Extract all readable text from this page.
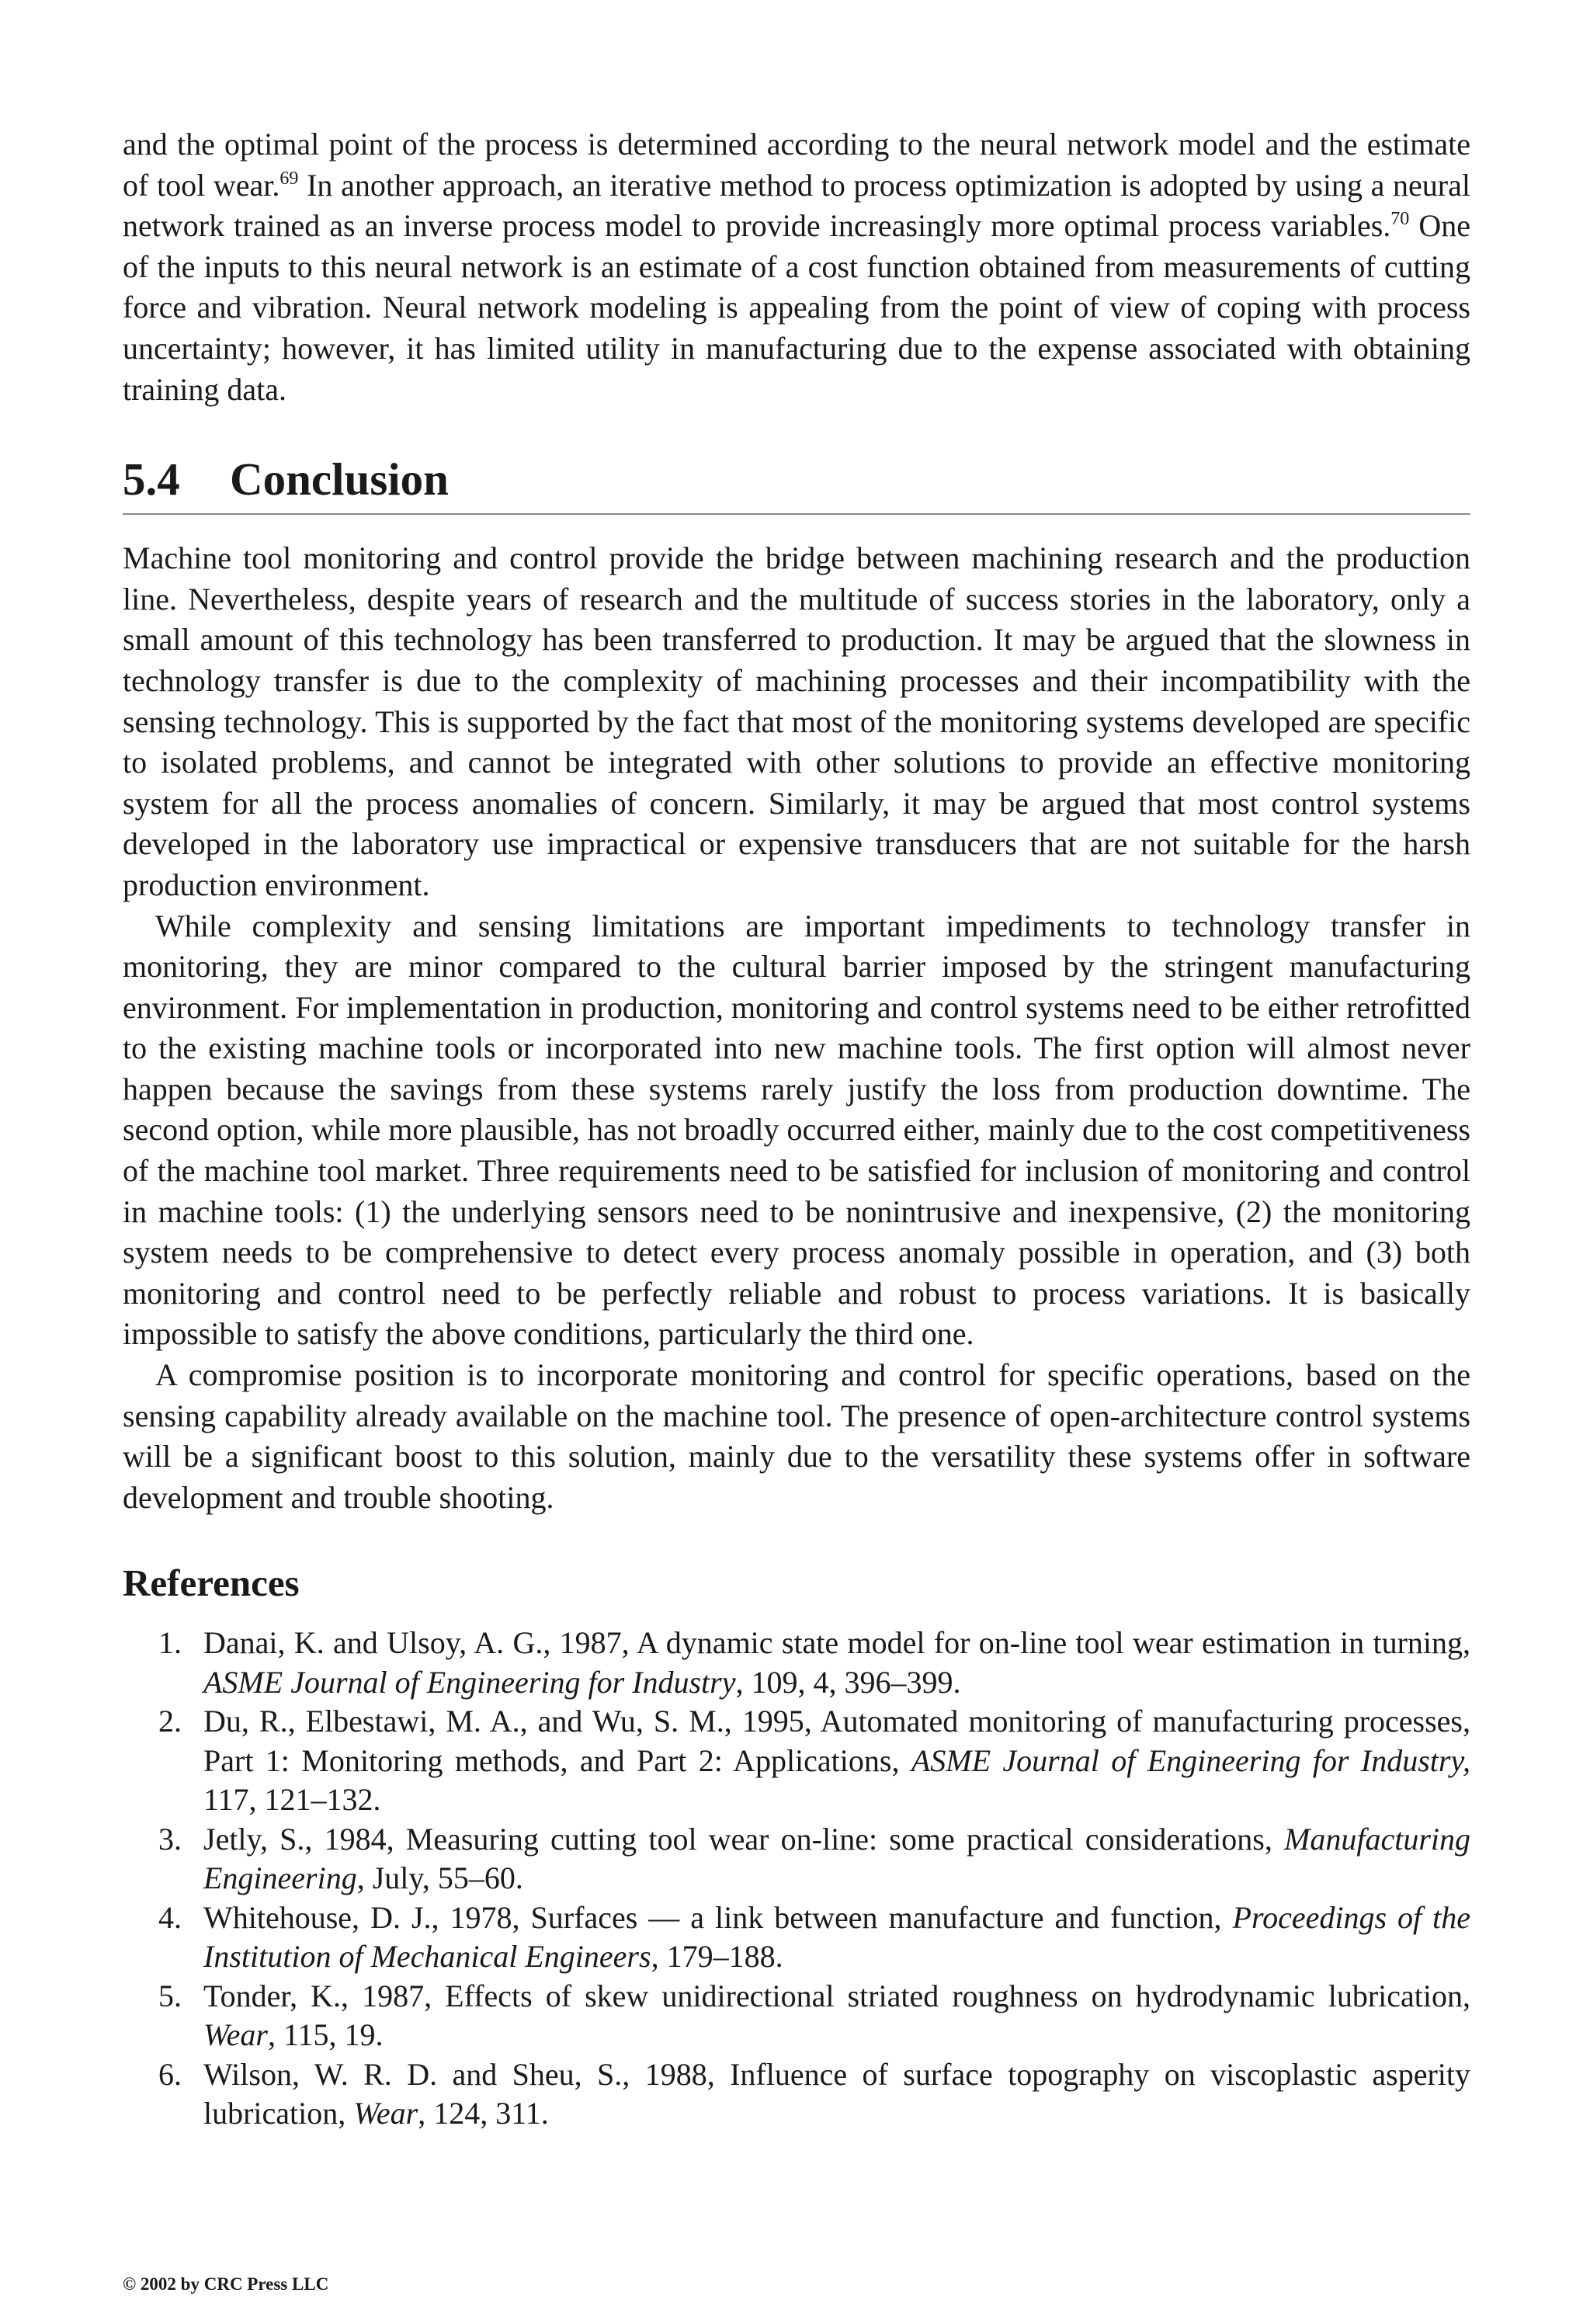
and the optimal point of the process is determined according to the neural network model and the estimate of tool wear.$^{69}$ In another approach, an iterative method to process optimization is adopted by using a neural network trained as an inverse process model to provide increasingly more optimal process variables.$^{70}$ One of the inputs to this neural network is an estimate of a cost function obtained from measurements of cutting force and vibration. Neural network modeling is appealing from the point of view of coping with process uncertainty; however, it has limited utility in manufacturing due to the expense associated with obtaining training data.

5.4 Conclusion

Machine tool monitoring and control provide the bridge between machining research and the production line. Nevertheless, despite years of research and the multitude of success stories in the laboratory, only a small amount of this technology has been transferred to production. It may be argued that the slowness in technology transfer is due to the complexity of machining processes and their incompatibility with the sensing technology. This is supported by the fact that most of the monitoring systems developed are specific to isolated problems, and cannot be integrated with other solutions to provide an effective monitoring system for all the process anomalies of concern. Similarly, it may be argued that most control systems developed in the laboratory use impractical or expensive transducers that are not suitable for the harsh production environment.

While complexity and sensing limitations are important impediments to technology transfer in monitoring, they are minor compared to the cultural barrier imposed by the stringent manufacturing environment. For implementation in production, monitoring and control systems need to be either retrofitted to the existing machine tools or incorporated into new machine tools. The first option will almost never happen because the savings from these systems rarely justify the loss from production downtime. The second option, while more plausible, has not broadly occurred either, mainly due to the cost competitiveness of the machine tool market. Three requirements need to be satisfied for inclusion of monitoring and control in machine tools: (1) the underlying sensors need to be nonintrusive and inexpensive, (2) the monitoring system needs to be comprehensive to detect every process anomaly possible in operation, and (3) both monitoring and control need to be perfectly reliable and robust to process variations. It is basically impossible to satisfy the above conditions, particularly the third one.

A compromise position is to incorporate monitoring and control for specific operations, based on the sensing capability already available on the machine tool. The presence of open-architecture control systems will be a significant boost to this solution, mainly due to the versatility these systems offer in software development and trouble shooting.

References
1. Danai, K. and Ulsoy, A. G., 1987, A dynamic state model for on-line tool wear estimation in turning, ASME Journal of Engineering for Industry, 109, 4, 396–399.
2. Du, R., Elbestawi, M. A., and Wu, S. M., 1995, Automated monitoring of manufacturing processes, Part 1: Monitoring methods, and Part 2: Applications, ASME Journal of Engineering for Industry, 117, 121–132.
3. Jetly, S., 1984, Measuring cutting tool wear on-line: some practical considerations, Manufacturing Engineering, July, 55–60.
4. Whitehouse, D. J., 1978, Surfaces — a link between manufacture and function, Proceedings of the Institution of Mechanical Engineers, 179–188.
5. Tonder, K., 1987, Effects of skew unidirectional striated roughness on hydrodynamic lubrication, Wear, 115, 19.
6. Wilson, W. R. D. and Sheu, S., 1988, Influence of surface topography on viscoplastic asperity lubrication, Wear, 124, 311.
© 2002 by CRC Press LLC
